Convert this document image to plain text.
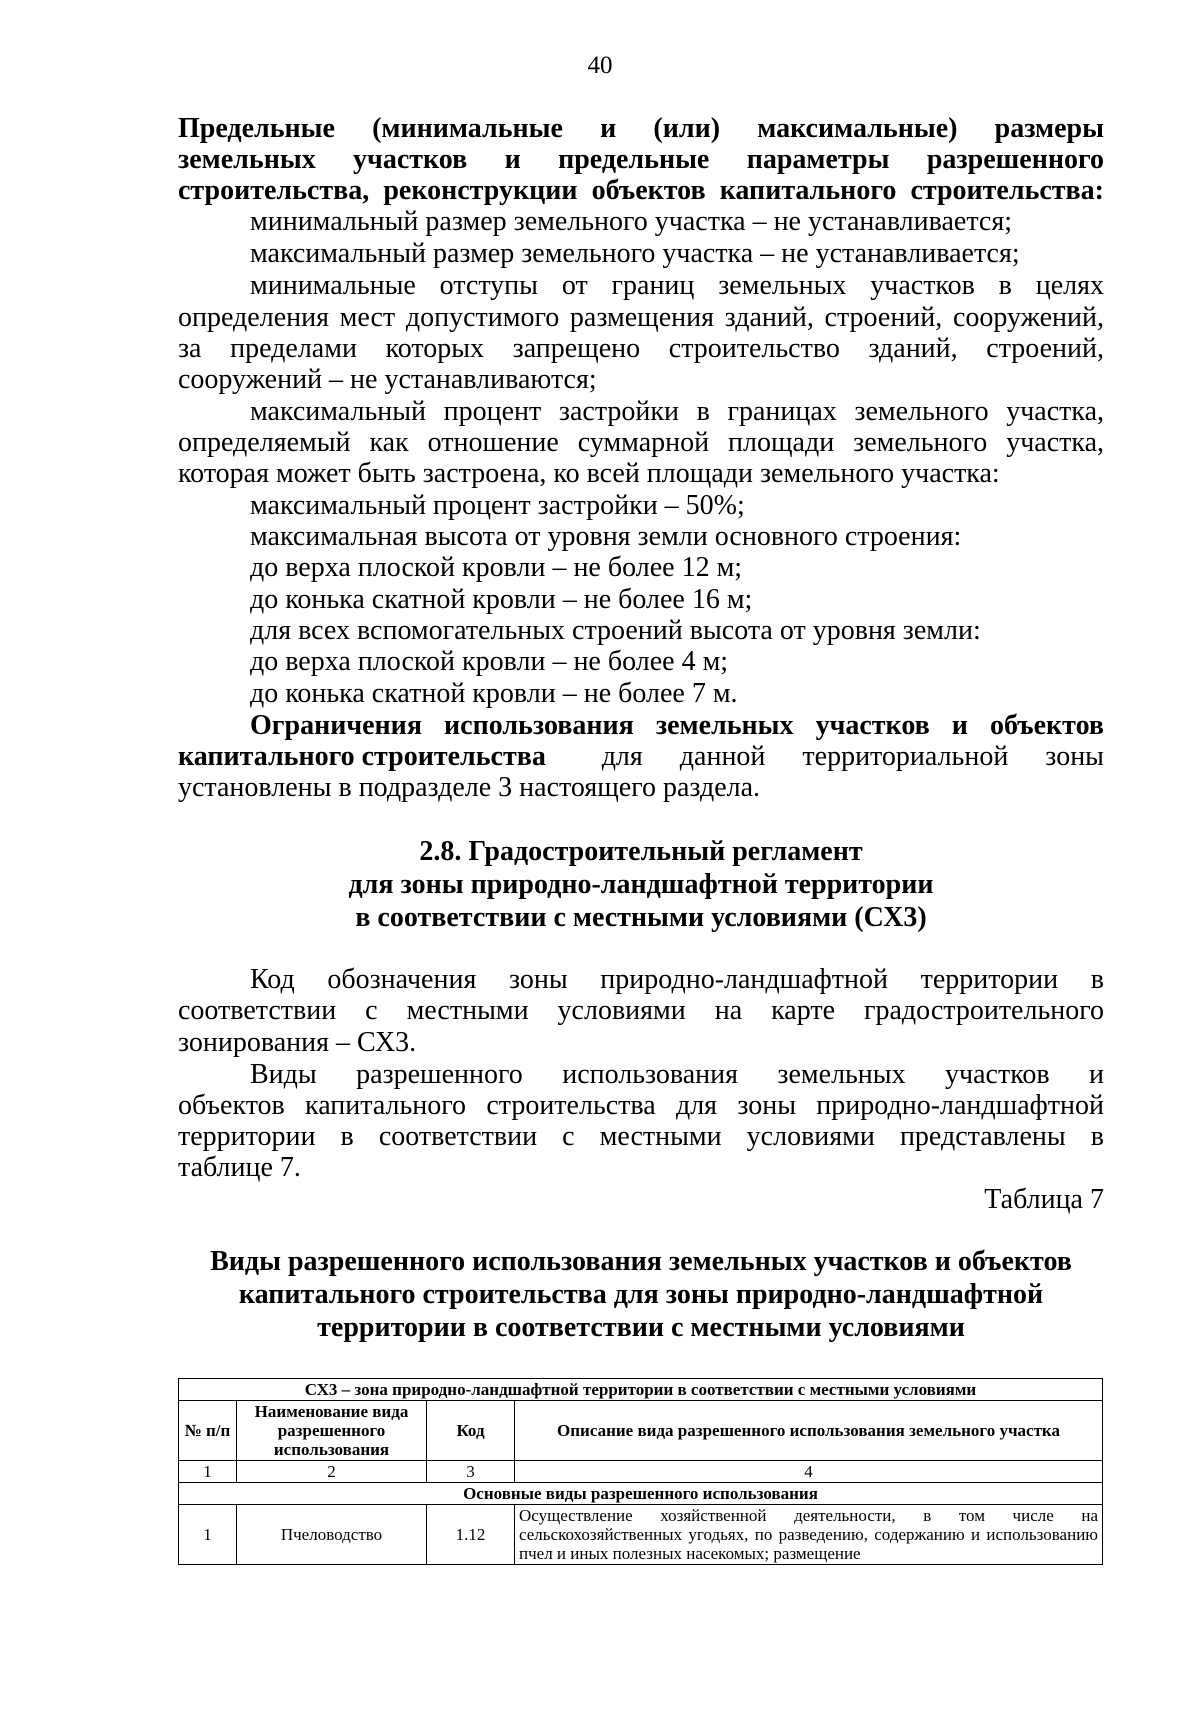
40
Предельные (минимальные и (или) максимальные) размеры
земельных участков и предельные параметры разрешенного
строительства, реконструкции объектов капитального строительства:
минимальный размер земельного участка – не устанавливается;
максимальный размер земельного участка – не устанавливается;
минимальные отступы от границ земельных участков в целях
определения мест допустимого размещения зданий, строений, сооружений,
за пределами которых запрещено строительство зданий, строений,
сооружений – не устанавливаются;
максимальный процент застройки в границах земельного участка,
определяемый как отношение суммарной площади земельного участка,
которая может быть застроена, ко всей площади земельного участка:
максимальный процент застройки – 50%;
максимальная высота от уровня земли основного строения:
до верха плоской кровли – не более 12 м;
до конька скатной кровли – не более 16 м;
для всех вспомогательных строений высота от уровня земли:
до верха плоской кровли – не более 4 м;
до конька скатной кровли – не более 7 м.
Ограничения использования земельных участков и объектов
капитального строительства для данной территориальной зоны
установлены в подразделе 3 настоящего раздела.
2.8. Градостроительный регламент
для зоны природно-ландшафтной территории
в соответствии с местными условиями (СХ3)
Код обозначения зоны природно-ландшафтной территории в
соответствии с местными условиями на карте градостроительного
зонирования – СХ3.
Виды разрешенного использования земельных участков и
объектов капитального строительства для зоны природно-ландшафтной
территории в соответствии с местными условиями представлены в
таблице 7.
Таблица 7
Виды разрешенного использования земельных участков и объектов
капитального строительства для зоны природно-ландшафтной
территории в соответствии с местными условиями
СХ3 – зона природно-ландшафтной территории в соответствии с местными условиями			
№ п/п	Наименование вида разрешенного использования	Код	Описание вида разрешенного использования земельного участка
1	2	3	4
Основные виды разрешенного использования			
1	Пчеловодство	1.12	Осуществление хозяйственной деятельности, в том числе на сельскохозяйственных угодьях, по разведению, содержанию и использованию пчел и иных полезных насекомых; размещение
